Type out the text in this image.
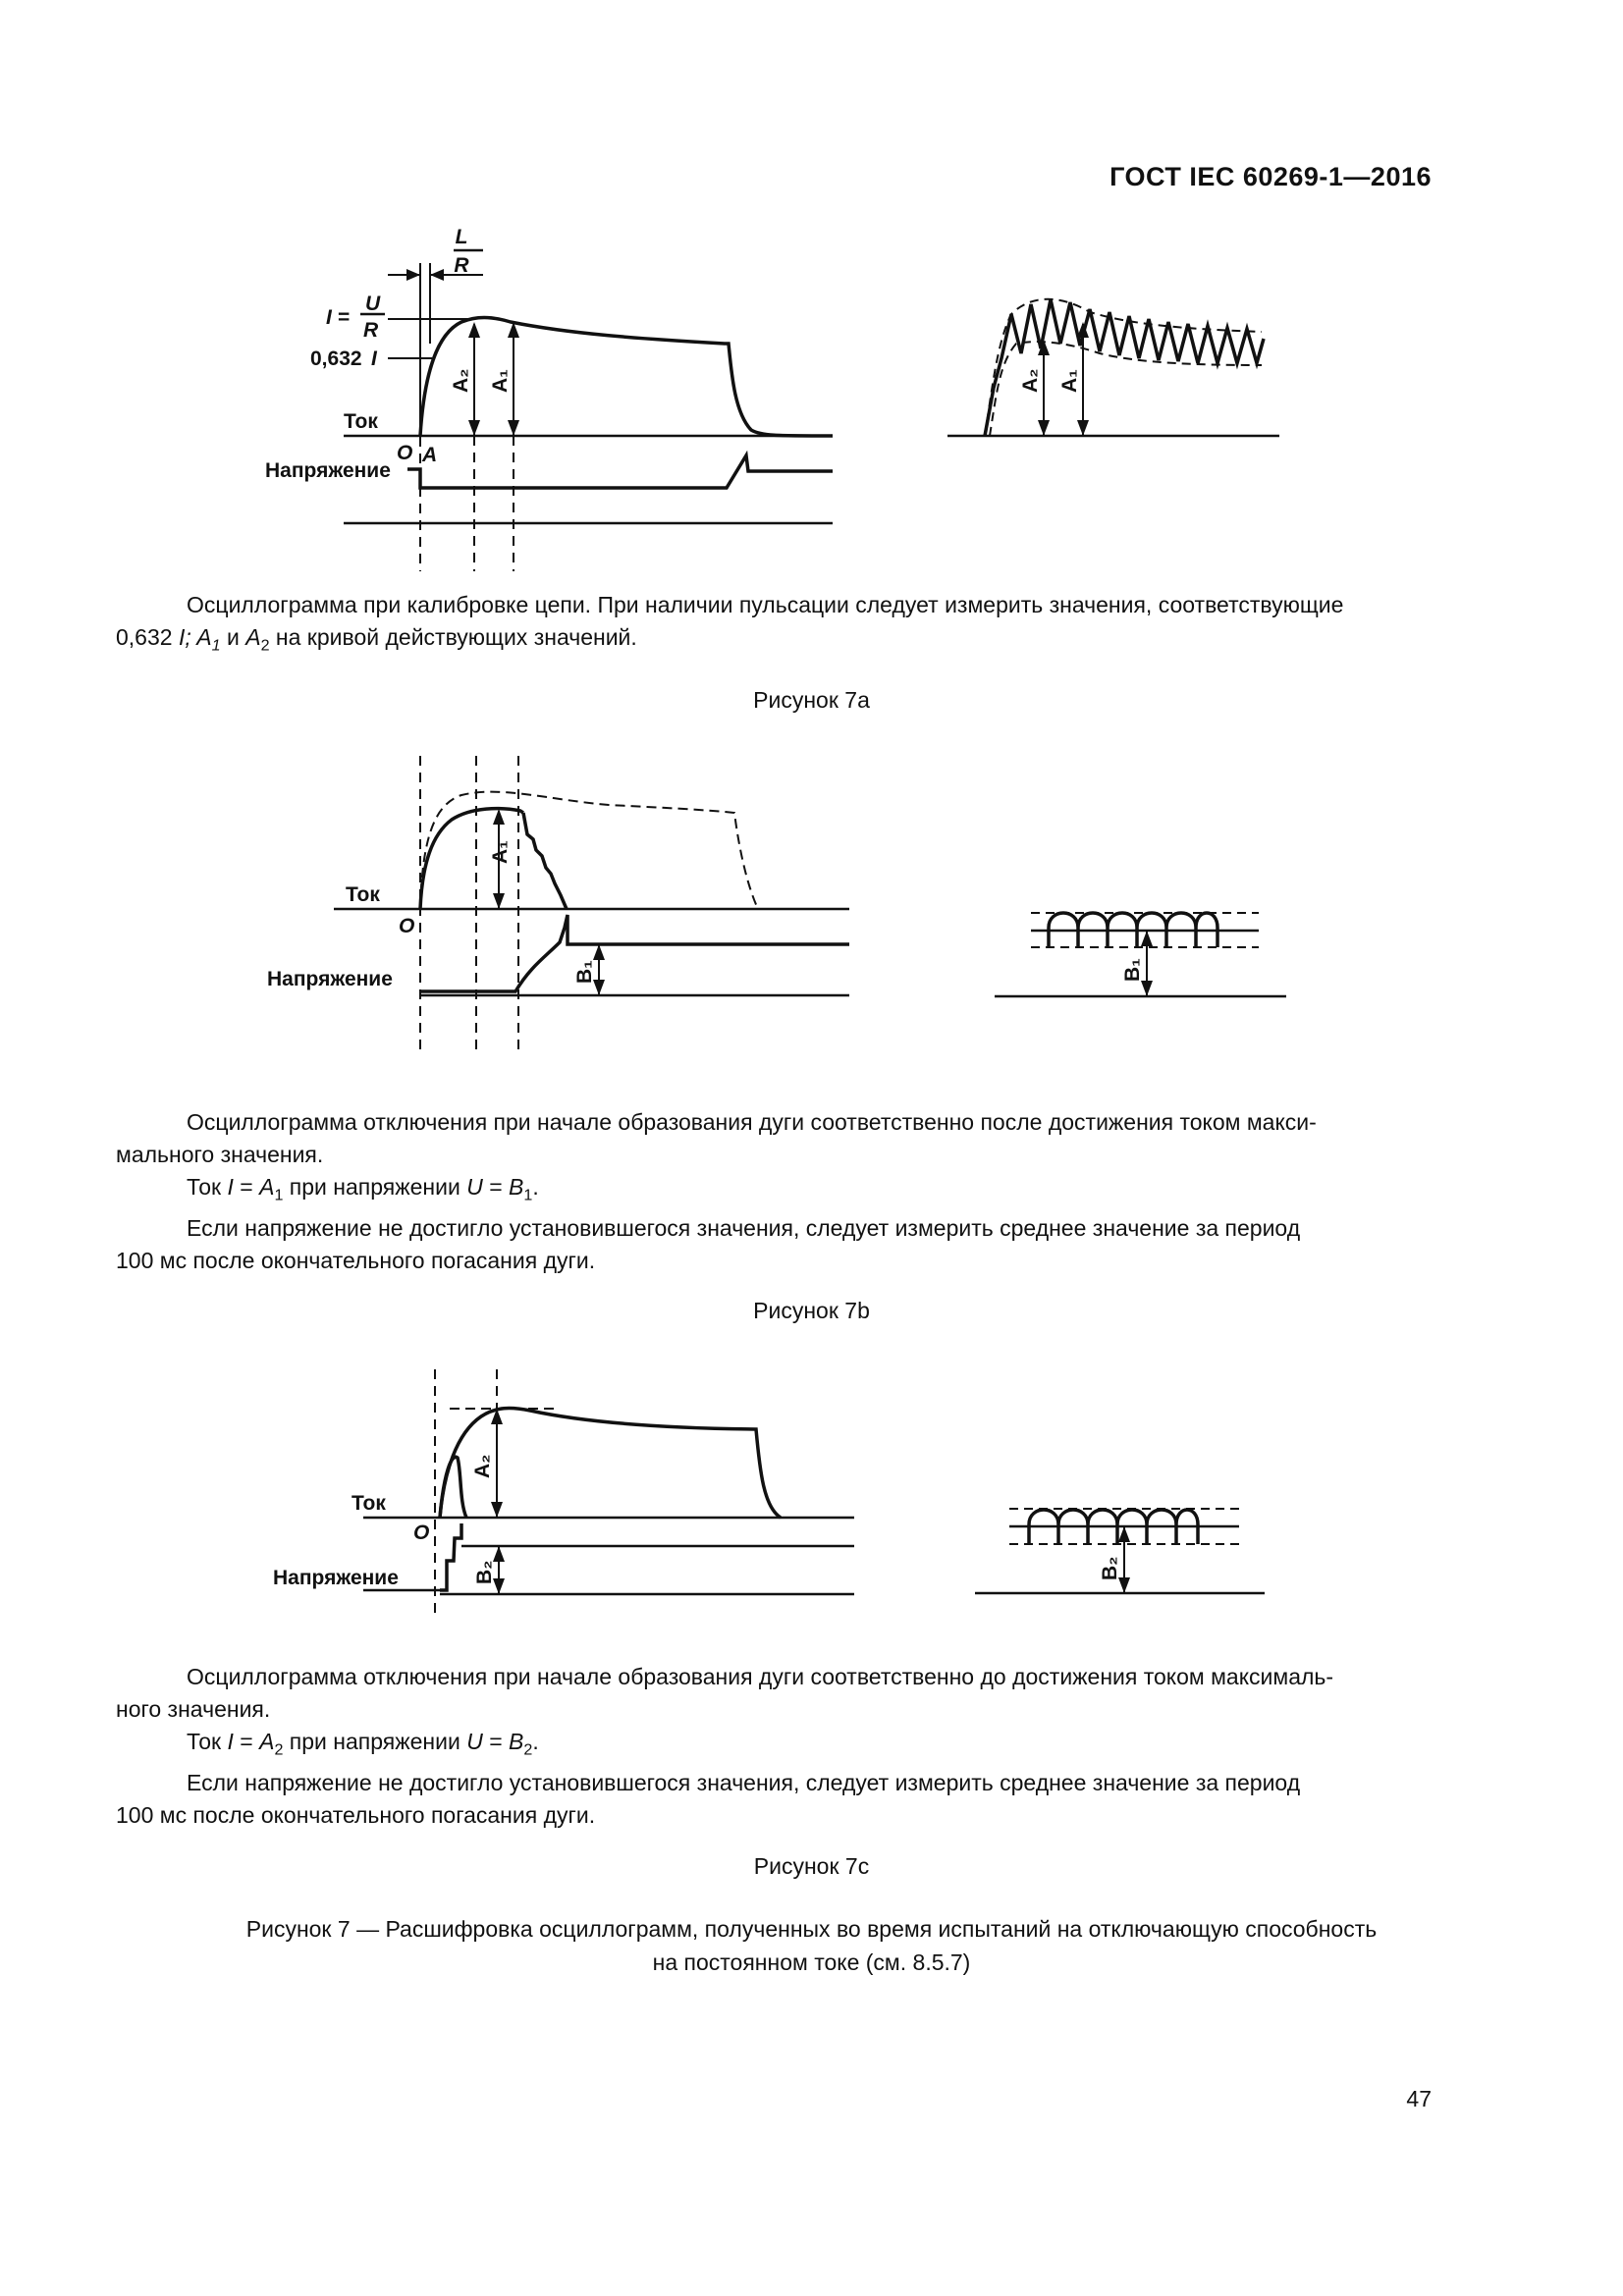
ГОСТ IEC 60269-1—2016
L
R
I =
U
R
0,632 I
Ток
O A
Напряжение
A₂ A₁	A₂ A₁

Осциллограмма при калибровке цепи. При наличии пульсации следует измерить значения, соответствующие

0,632 I; $A_1$ и $A_2$ на кривой действующих значений.

Рисунок 7а
Ток
O
Напряжение
A₁
B₁	B₁

Осциллограмма отключения при начале образования дуги соответственно после достижения током макси-

мального значения.

Ток $I = A_1$ при напряжении $U = B_1$.

Если напряжение не достигло установившегося значения, следует измерить среднее значение за период

100 мс после окончательного погасания дуги.

Рисунок 7b
Ток
O
Напряжение
A₂
B₂	B₂

Осциллограмма отключения при начале образования дуги соответственно до достижения током максималь-

ного значения.

Ток $I = A_2$ при напряжении $U = B_2$.

Если напряжение не достигло установившегося значения, следует измерить среднее значение за период

100 мс после окончательного погасания дуги.

Рисунок 7с
Рисунок 7 — Расшифровка осциллограмм, полученных во время испытаний на отключающую способность
на постоянном токе (см. 8.5.7)
47
